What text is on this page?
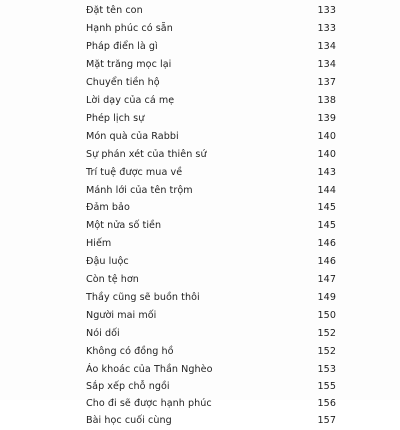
Đặt tên con	133
Hạnh phúc có sẵn	133
Pháp điển là gì	134
Mặt trăng mọc lại	134
Chuyển tiền hộ	137
Lời dạy của cá mẹ	138
Phép lịch sự	139
Món quà của Rabbi	140
Sự phán xét của thiên sứ	140
Trí tuệ được mua về	143
Mánh lới của tên trộm	144
Đảm bảo	145
Một nửa số tiền	145
Hiếm	146
Đậu luộc	146
Còn tệ hơn	147
Thầy cũng sẽ buồn thôi	149
Người mai mối	150
Nói dối	152
Không có đồng hồ	152
Áo khoác của Thần Nghèo	153
Sắp xếp chỗ ngồi	155
Cho đi sẽ được hạnh phúc	156
Bài học cuối cùng	157
